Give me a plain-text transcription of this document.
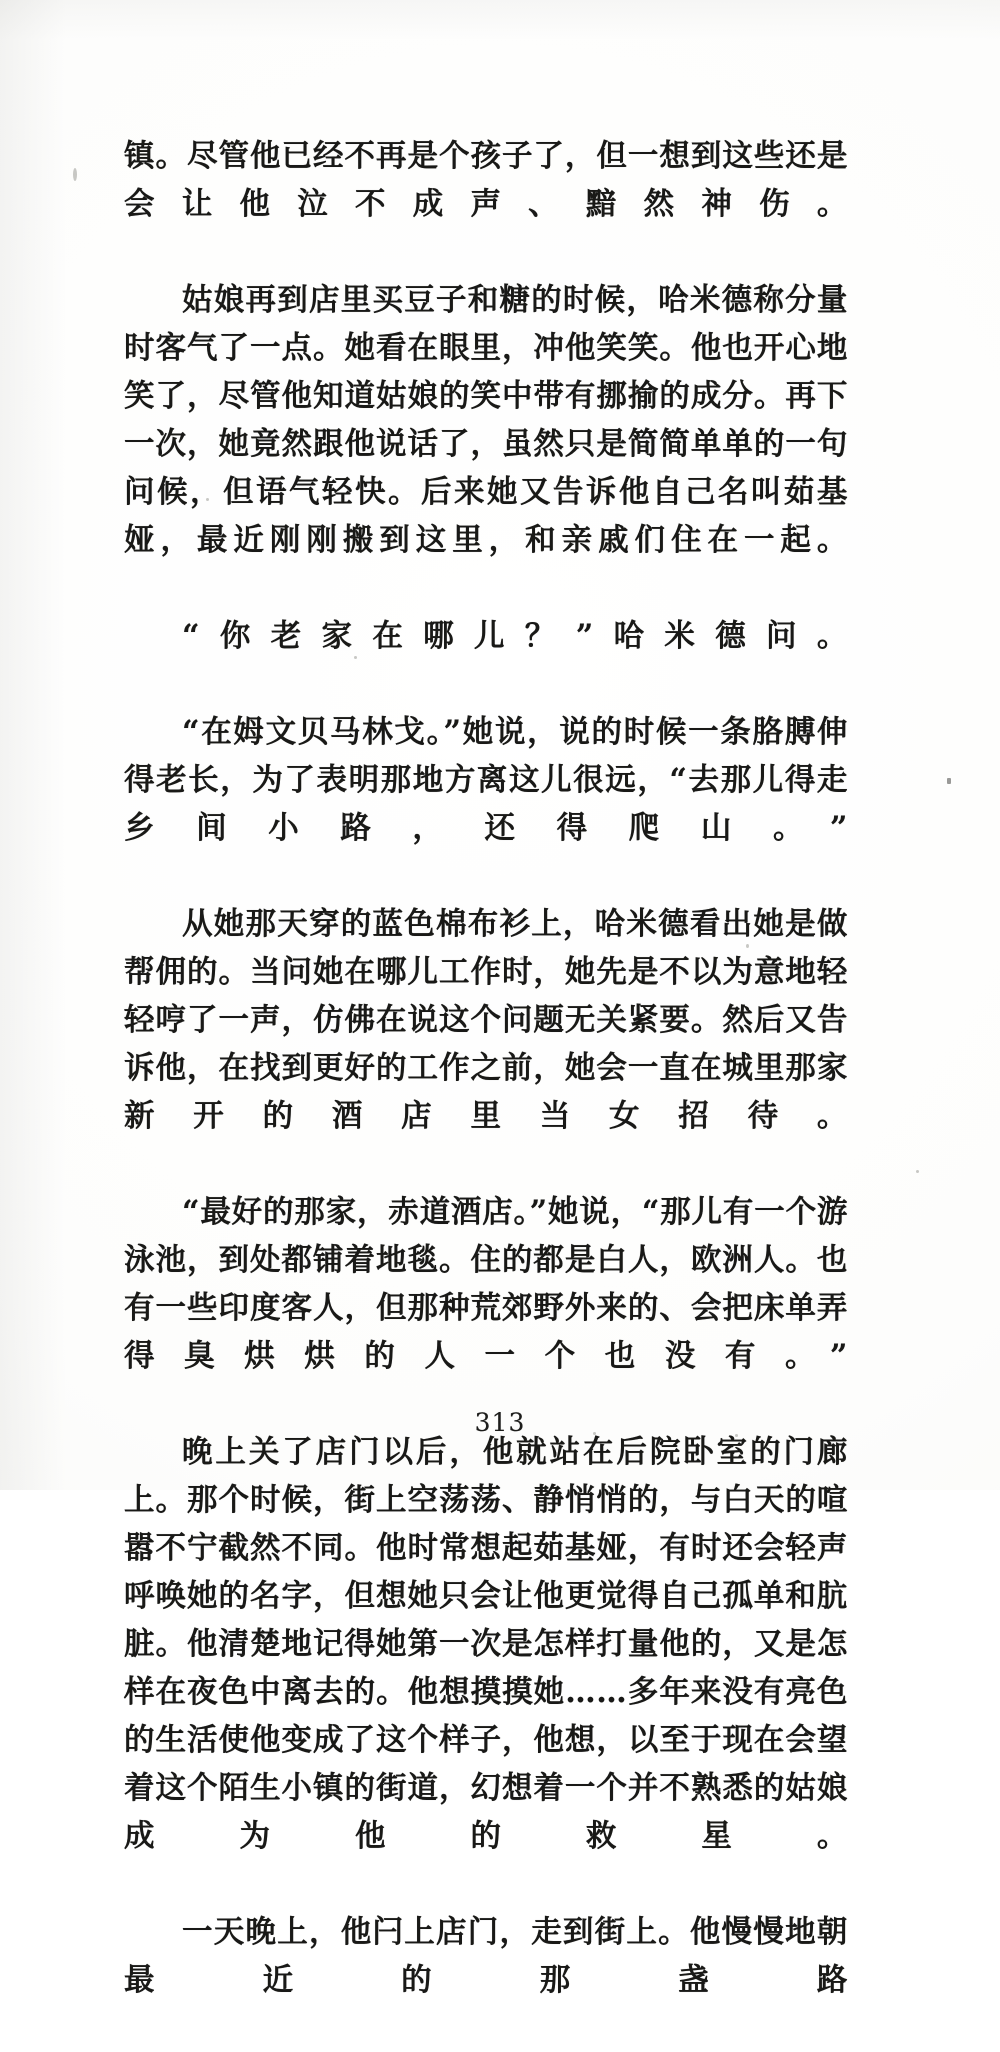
镇。尽管他已经不再是个孩子了，但一想到这些还是会让他泣不成声、黯然神伤。

姑娘再到店里买豆子和糖的时候，哈米德称分量时客气了一点。她看在眼里，冲他笑笑。他也开心地笑了，尽管他知道姑娘的笑中带有挪揄的成分。再下一次，她竟然跟他说话了，虽然只是简简单单的一句问候，但语气轻快。后来她又告诉他自己名叫茹基娅，最近刚刚搬到这里，和亲戚们住在一起。

“你老家在哪儿？”哈米德问。

“在姆文贝马林戈。”她说，说的时候一条胳膊伸得老长，为了表明那地方离这儿很远，“去那儿得走乡间小路，还得爬山。”

从她那天穿的蓝色棉布衫上，哈米德看出她是做帮佣的。当问她在哪儿工作时，她先是不以为意地轻轻哼了一声，仿佛在说这个问题无关紧要。然后又告诉他，在找到更好的工作之前，她会一直在城里那家新开的酒店里当女招待。

“最好的那家，赤道酒店。”她说，“那儿有一个游泳池，到处都铺着地毯。住的都是白人，欧洲人。也有一些印度客人，但那种荒郊野外来的、会把床单弄得臭烘烘的人一个也没有。”

晚上关了店门以后，他就站在后院卧室的门廊上。那个时候，街上空荡荡、静悄悄的，与白天的喧嚣不宁截然不同。他时常想起茹基娅，有时还会轻声呼唤她的名字，但想她只会让他更觉得自己孤单和肮脏。他清楚地记得她第一次是怎样打量他的，又是怎样在夜色中离去的。他想摸摸她……多年来没有亮色的生活使他变成了这个样子，他想，以至于现在会望着这个陌生小镇的街道，幻想着一个并不熟悉的姑娘成为他的救星。

一天晚上，他闩上店门，走到街上。他慢慢地朝最近的那盏路

313
